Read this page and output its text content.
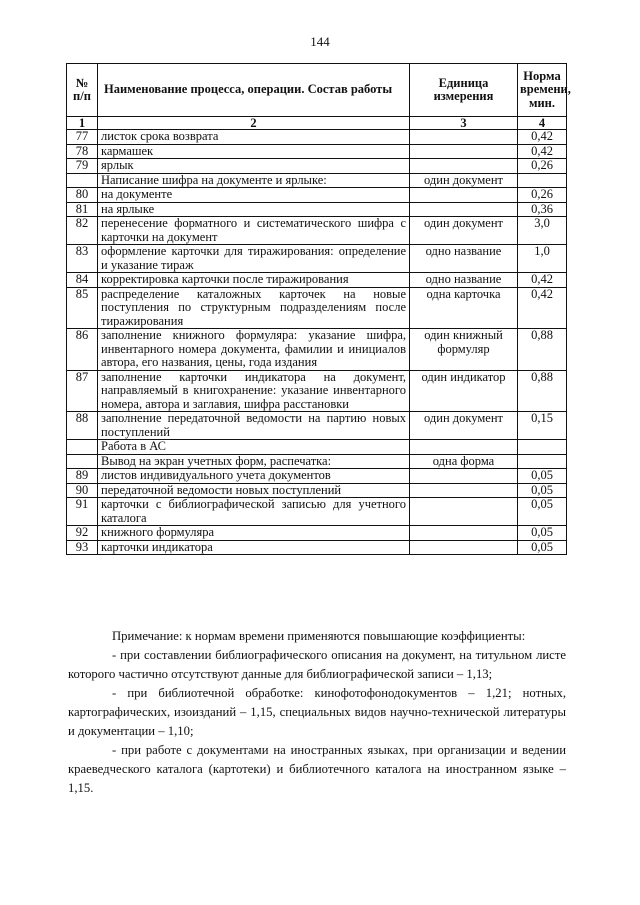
144
№ п/п	Наименование процесса, операции. Состав работы	Единица измерения	Норма времени, мин.
1	2	3	4
77	листок срока возврата		0,42
78	кармашек		0,42
79	ярлык		0,26
	Написание шифра на документе и ярлыке:	один документ	
80	на документе		0,26
81	на ярлыке		0,36
82	перенесение форматного и систематического шифра с карточки на документ	один документ	3,0
83	оформление карточки для тиражирования: определение и указание тираж	одно название	1,0
84	корректировка карточки после тиражирования	одно название	0,42
85	распределение каталожных карточек на новые поступления по структурным подразделениям после тиражирования	одна карточка	0,42
86	заполнение книжного формуляра: указание шифра, инвентарного номера документа, фамилии и инициалов автора, его названия, цены, года издания	один книжный формуляр	0,88
87	заполнение карточки индикатора на документ, направляемый в книгохранение: указание инвентарного номера, автора и заглавия, шифра расстановки	один индикатор	0,88
88	заполнение передаточной ведомости на партию новых поступлений	один документ	0,15
	Работа в АС		
	Вывод на экран учетных форм, распечатка:	одна форма	
89	листов индивидуального учета документов		0,05
90	передаточной ведомости новых поступлений		0,05
91	карточки с библиографической записью для учетного каталога		0,05
92	книжного формуляра		0,05
93	карточки индикатора		0,05

Примечание: к нормам времени применяются повышающие коэффициенты:

- при составлении библиографического описания на документ, на титульном листе которого частично отсутствуют данные для библиографической записи – 1,13;

- при библиотечной обработке: кинофотофонодокументов – 1,21; нотных, картографических, изоизданий – 1,15, специальных видов научно-технической литературы и документации – 1,10;

- при работе с документами на иностранных языках, при организации и ведении краеведческого каталога (картотеки) и библиотечного каталога на иностранном языке – 1,15.
